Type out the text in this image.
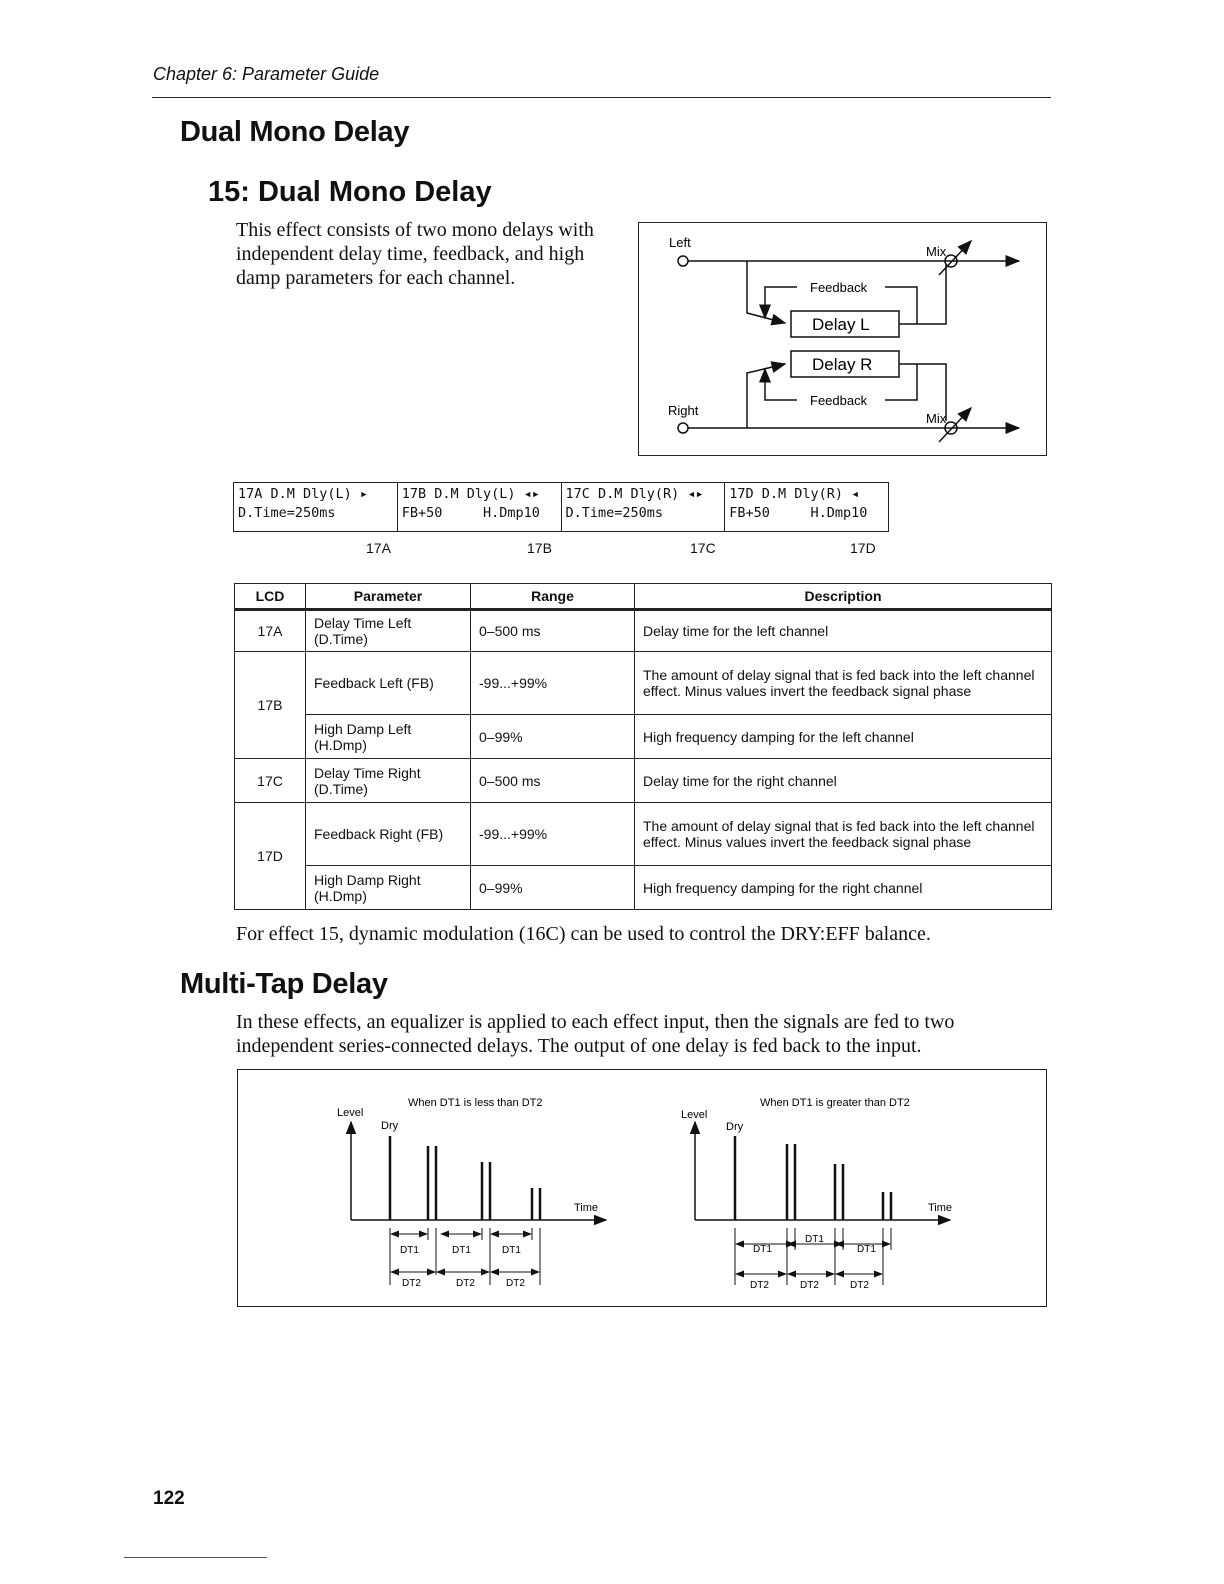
Chapter 6: Parameter Guide
Dual Mono Delay
15: Dual Mono Delay
This effect consists of two mono delays with
independent delay time, feedback, and high
damp parameters for each channel.
Left
Mix
Delay L
Feedback
Delay R
Feedback
Right
Mix
17A D.M Dly(L) ▸
D.Time=250ms
17B D.M Dly(L) ◂▸
FB+50     H.Dmp10
17C D.M Dly(R) ◂▸
D.Time=250ms
17D D.M Dly(R) ◂
FB+50     H.Dmp10
17A	17B	17C	17D
LCD	Parameter	Range	Description
17A	Delay Time Left (D.Time)	0–500 ms	Delay time for the left channel
17B	Feedback Left (FB)	-99...+99%	The amount of delay signal that is fed back into the left channel effect. Minus values invert the feedback signal phase
	High Damp Left (H.Dmp)	0–99%	High frequency damping for the left channel
17C	Delay Time Right (D.Time)	0–500 ms	Delay time for the right channel
17D	Feedback Right (FB)	-99...+99%	The amount of delay signal that is fed back into the left channel effect. Minus values invert the feedback signal phase
	High Damp Right (H.Dmp)	0–99%	High frequency damping for the right channel
For effect 15, dynamic modulation (16C) can be used to control the DRY:EFF balance.
Multi-Tap Delay
In these effects, an equalizer is applied to each effect input, then the signals are fed to two
independent series-connected delays. The output of one delay is fed back to the input.
When DT1 is less than DT2
Level
Dry
Time
DT1	DT1	DT1
DT2	DT2	DT2
When DT1 is greater than DT2
Level
Dry
Time
DT1
DT1
DT1
DT2	DT2	DT2
122
